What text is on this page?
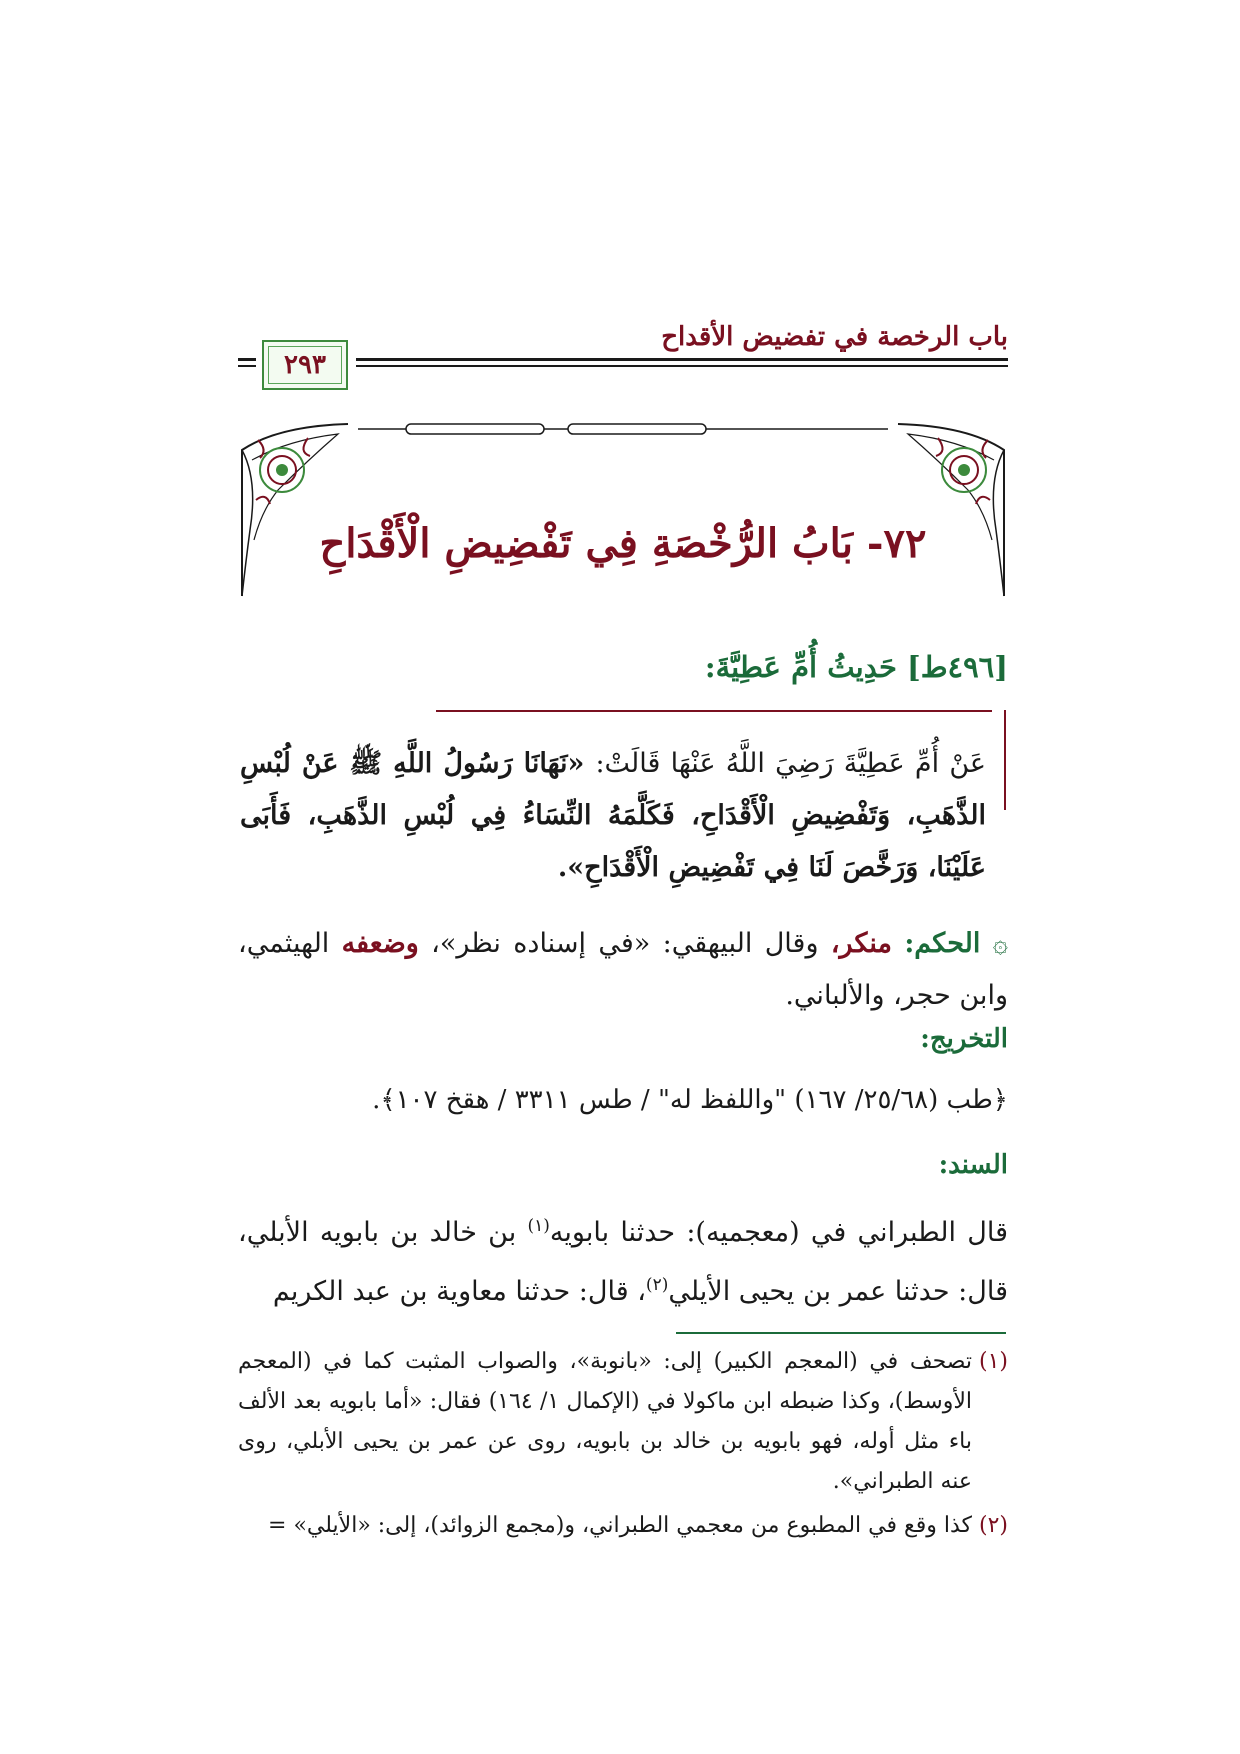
باب الرخصة في تفضيض الأقداح
٢٩٣
٧٢- بَابُ الرُّخْصَةِ فِي تَفْضِيضِ الْأَقْدَاحِ
[٤٩٦ط] حَدِيثُ أُمِّ عَطِيَّةَ:
عَنْ أُمِّ عَطِيَّةَ رَضِيَ اللَّهُ عَنْهَا قَالَتْ: «نَهَانَا رَسُولُ اللَّهِ ﷺ عَنْ لُبْسِ الذَّهَبِ، وَتَفْضِيضِ الْأَقْدَاحِ، فَكَلَّمَهُ النِّسَاءُ فِي لُبْسِ الذَّهَبِ، فَأَبَى عَلَيْنَا، وَرَخَّصَ لَنَا فِي تَفْضِيضِ الْأَقْدَاحِ».
۞ الحكم: منكر، وقال البيهقي: «في إسناده نظر»، وضعفه الهيثمي، وابن حجر، والألباني.
التخريج:
﴿طب (٢٥/٦٨/ ١٦٧) "واللفظ له" / طس ٣٣١١ / هقخ ١٠٧﴾.
السند:
قال الطبراني في (معجميه): حدثنا بابويه$^{(١)}$ بن خالد بن بابويه الأبلي، قال: حدثنا عمر بن يحيى الأيلي$^{(٢)}$، قال: حدثنا معاوية بن عبد الكريم

(١)
تصحف في (المعجم الكبير) إلى: «بانوبة»، والصواب المثبت كما في (المعجم الأوسط)، وكذا ضبطه ابن ماكولا في (الإكمال ١/ ١٦٤) فقال: «أما بابويه بعد الألف باء مثل أوله، فهو بابويه بن خالد بن بابويه، روى عن عمر بن يحيى الأبلي، روى عنه الطبراني».

(٢)
كذا وقع في المطبوع من معجمي الطبراني، و(مجمع الزوائد)، إلى: «الأيلي» =
